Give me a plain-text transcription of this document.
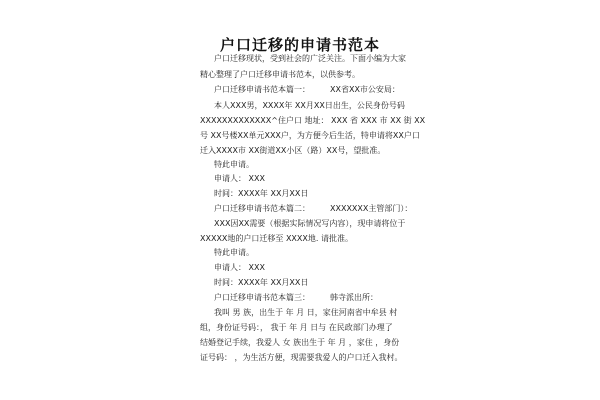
户口迁移的申请书范本
户口迁移现状，受到社会的广泛关注。下面小编为大家
精心整理了户口迁移申请书范本，以供参考。
户口迁移申请书范本篇一：　　　XX省XX市公安局：
本人XXX男，XXXX年 XX月XX日出生，公民身份号码
XXXXXXXXXXXXX^住户口 地址： XXX 省 XXX 市 XX 街 XX
号 XX号楼XX单元XXX户，为方便今后生活，特申请将XX户口
迁入XXXX市 XX街道XX小区（路）XX号，望批准。
特此申请。
申请人： XXX
时间：XXXX年 XX月XX日
户口迁移申请书范本篇二：　　　XXXXXXX主管部门）：
XXX因XX需要（根据实际情况写内容），现申请将位于
XXXXX地的户口迁移至 XXXX地. 请批准。
特此申请。
申请人： XXX
时间：XXXX年 XX月XX日
户口迁移申请书范本篇三：　　　韩寺派出所：
我叫 男 族，出生于 年 月 日，家住河南省中牟县 村
组，身份证号码：， 我于 年 月 日与 在民政部门办理了
结婚登记手续，我爱人 女 族出生于 年 月 ，家住 ，身份
证号码： ，为生活方便，现需要我爱人的户口迁入我村。
